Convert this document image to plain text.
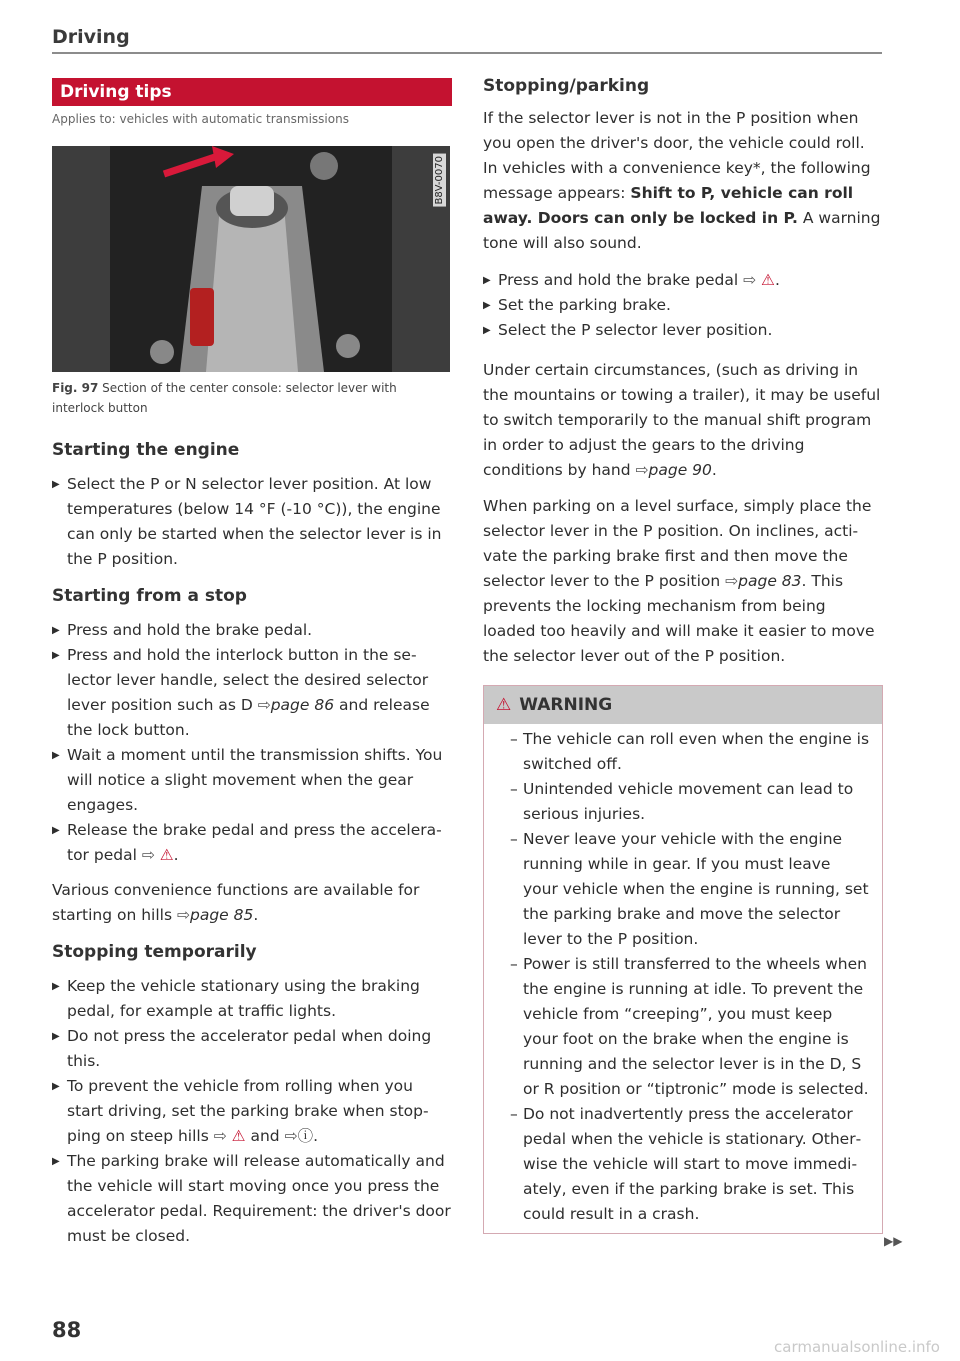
Driving
Driving tips
Applies to: vehicles with automatic transmissions
B8V-0070
Fig. 97 Section of the center console: selector lever with interlock button
Starting the engine
▶ Select the P or N selector lever position. At low temperatures (below 14 °F (-10 °C)), the engine can only be started when the selector lever is in the P position.
Starting from a stop
▶ Press and hold the brake pedal.
▶ Press and hold the interlock button in the selector lever handle, select the desired selector lever position such as D ⇨page 86 and release the lock button.
▶ Wait a moment until the transmission shifts. You will notice a slight movement when the gear engages.
▶ Release the brake pedal and press the accelerator pedal ⇨ ⚠.

Various convenience functions are available for starting on hills ⇨page 85.

Stopping temporarily
▶ Keep the vehicle stationary using the braking pedal, for example at traffic lights.
▶ Do not press the accelerator pedal when doing this.
▶ To prevent the vehicle from rolling when you start driving, set the parking brake when stopping on steep hills ⇨ ⚠ and ⇨ⓘ.
▶ The parking brake will release automatically and the vehicle will start moving once you press the accelerator pedal. Requirement: the driver's door must be closed.
Stopping/parking

If the selector lever is not in the P position when you open the driver's door, the vehicle could roll. In vehicles with a convenience key*, the following message appears: Shift to P, vehicle can roll away. Doors can only be locked in P. A warning tone will also sound.

▶ Press and hold the brake pedal ⇨ ⚠.
▶ Set the parking brake.
▶ Select the P selector lever position.

Under certain circumstances, (such as driving in the mountains or towing a trailer), it may be useful to switch temporarily to the manual shift program in order to adjust the gears to the driving conditions by hand ⇨page 90.

When parking on a level surface, simply place the selector lever in the P position. On inclines, activate the parking brake first and then move the selector lever to the P position ⇨page 83. This prevents the locking mechanism from being loaded too heavily and will make it easier to move the selector lever out of the P position.

⚠ WARNING
– The vehicle can roll even when the engine is switched off.
– Unintended vehicle movement can lead to serious injuries.
– Never leave your vehicle with the engine running while in gear. If you must leave your vehicle when the engine is running, set the parking brake and move the selector lever to the P position.
– Power is still transferred to the wheels when the engine is running at idle. To prevent the vehicle from “creeping”, you must keep your foot on the brake when the engine is running and the selector lever is in the D, S or R position or “tiptronic” mode is selected.
– Do not inadvertently press the accelerator pedal when the vehicle is stationary. Otherwise the vehicle will start to move immediately, even if the parking brake is set. This could result in a crash.
▶▶
88
carmanualsonline.info
